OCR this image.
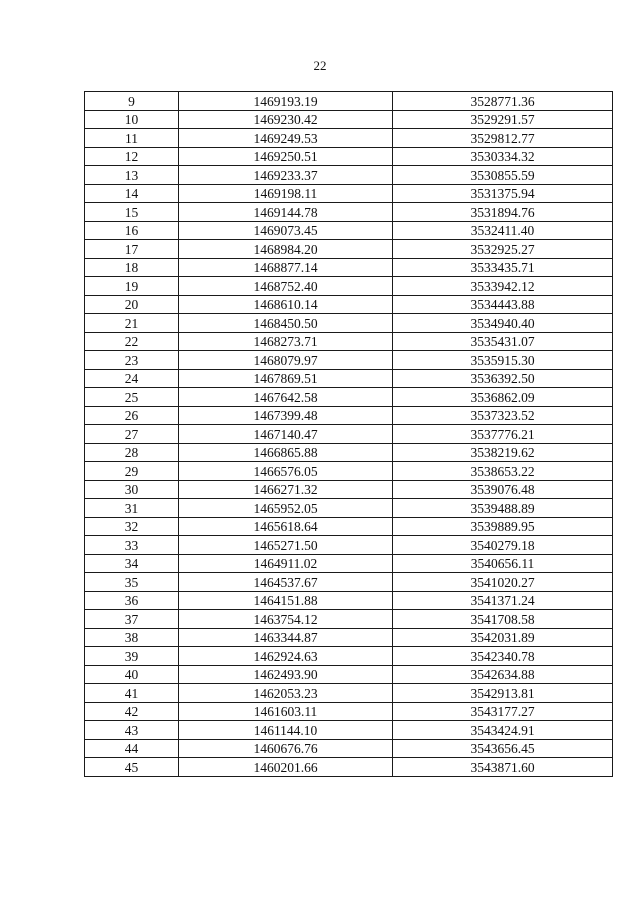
22
9	1469193.19	3528771.36
10	1469230.42	3529291.57
11	1469249.53	3529812.77
12	1469250.51	3530334.32
13	1469233.37	3530855.59
14	1469198.11	3531375.94
15	1469144.78	3531894.76
16	1469073.45	3532411.40
17	1468984.20	3532925.27
18	1468877.14	3533435.71
19	1468752.40	3533942.12
20	1468610.14	3534443.88
21	1468450.50	3534940.40
22	1468273.71	3535431.07
23	1468079.97	3535915.30
24	1467869.51	3536392.50
25	1467642.58	3536862.09
26	1467399.48	3537323.52
27	1467140.47	3537776.21
28	1466865.88	3538219.62
29	1466576.05	3538653.22
30	1466271.32	3539076.48
31	1465952.05	3539488.89
32	1465618.64	3539889.95
33	1465271.50	3540279.18
34	1464911.02	3540656.11
35	1464537.67	3541020.27
36	1464151.88	3541371.24
37	1463754.12	3541708.58
38	1463344.87	3542031.89
39	1462924.63	3542340.78
40	1462493.90	3542634.88
41	1462053.23	3542913.81
42	1461603.11	3543177.27
43	1461144.10	3543424.91
44	1460676.76	3543656.45
45	1460201.66	3543871.60
